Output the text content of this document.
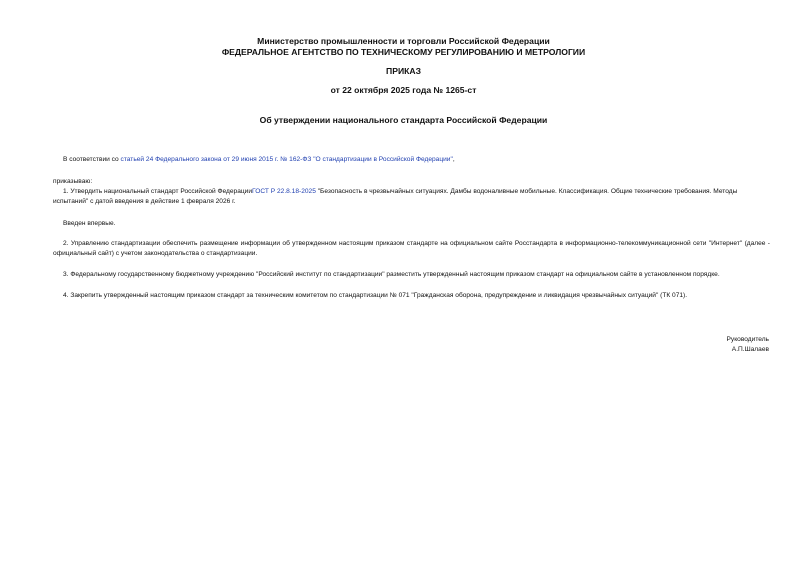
Министерство промышленности и торговли Российской Федерации
ФЕДЕРАЛЬНОЕ АГЕНТСТВО ПО ТЕХНИЧЕСКОМУ РЕГУЛИРОВАНИЮ И МЕТРОЛОГИИ
ПРИКАЗ
от 22 октября 2025 года № 1265-ст
Об утверждении национального стандарта Российской Федерации
В соответствии со статьей 24 Федерального закона от 29 июня 2015 г. № 162-ФЗ "О стандартизации в Российской Федерации",
приказываю:
1. Утвердить национальный стандарт Российской ФедерацииГОСТ Р 22.8.18-2025 "Безопасность в чрезвычайных ситуациях. Дамбы водоналивные мобильные. Классификация. Общие технические требования. Методы испытаний" с датой введения в действие 1 февраля 2026 г.
Введен впервые.
2. Управлению стандартизации обеспечить размещение информации об утвержденном настоящим приказом стандарте на официальном сайте Росстандарта в информационно-телекоммуникационной сети "Интернет" (далее - официальный сайт) с учетом законодательства о стандартизации.
3. Федеральному государственному бюджетному учреждению "Российский институт по стандартизации" разместить утвержденный настоящим приказом стандарт на официальном сайте в установленном порядке.
4. Закрепить утвержденный настоящим приказом стандарт за техническим комитетом по стандартизации № 071 "Гражданская оборона, предупреждение и ликвидация чрезвычайных ситуаций" (ТК 071).
Руководитель
А.П.Шалаев
